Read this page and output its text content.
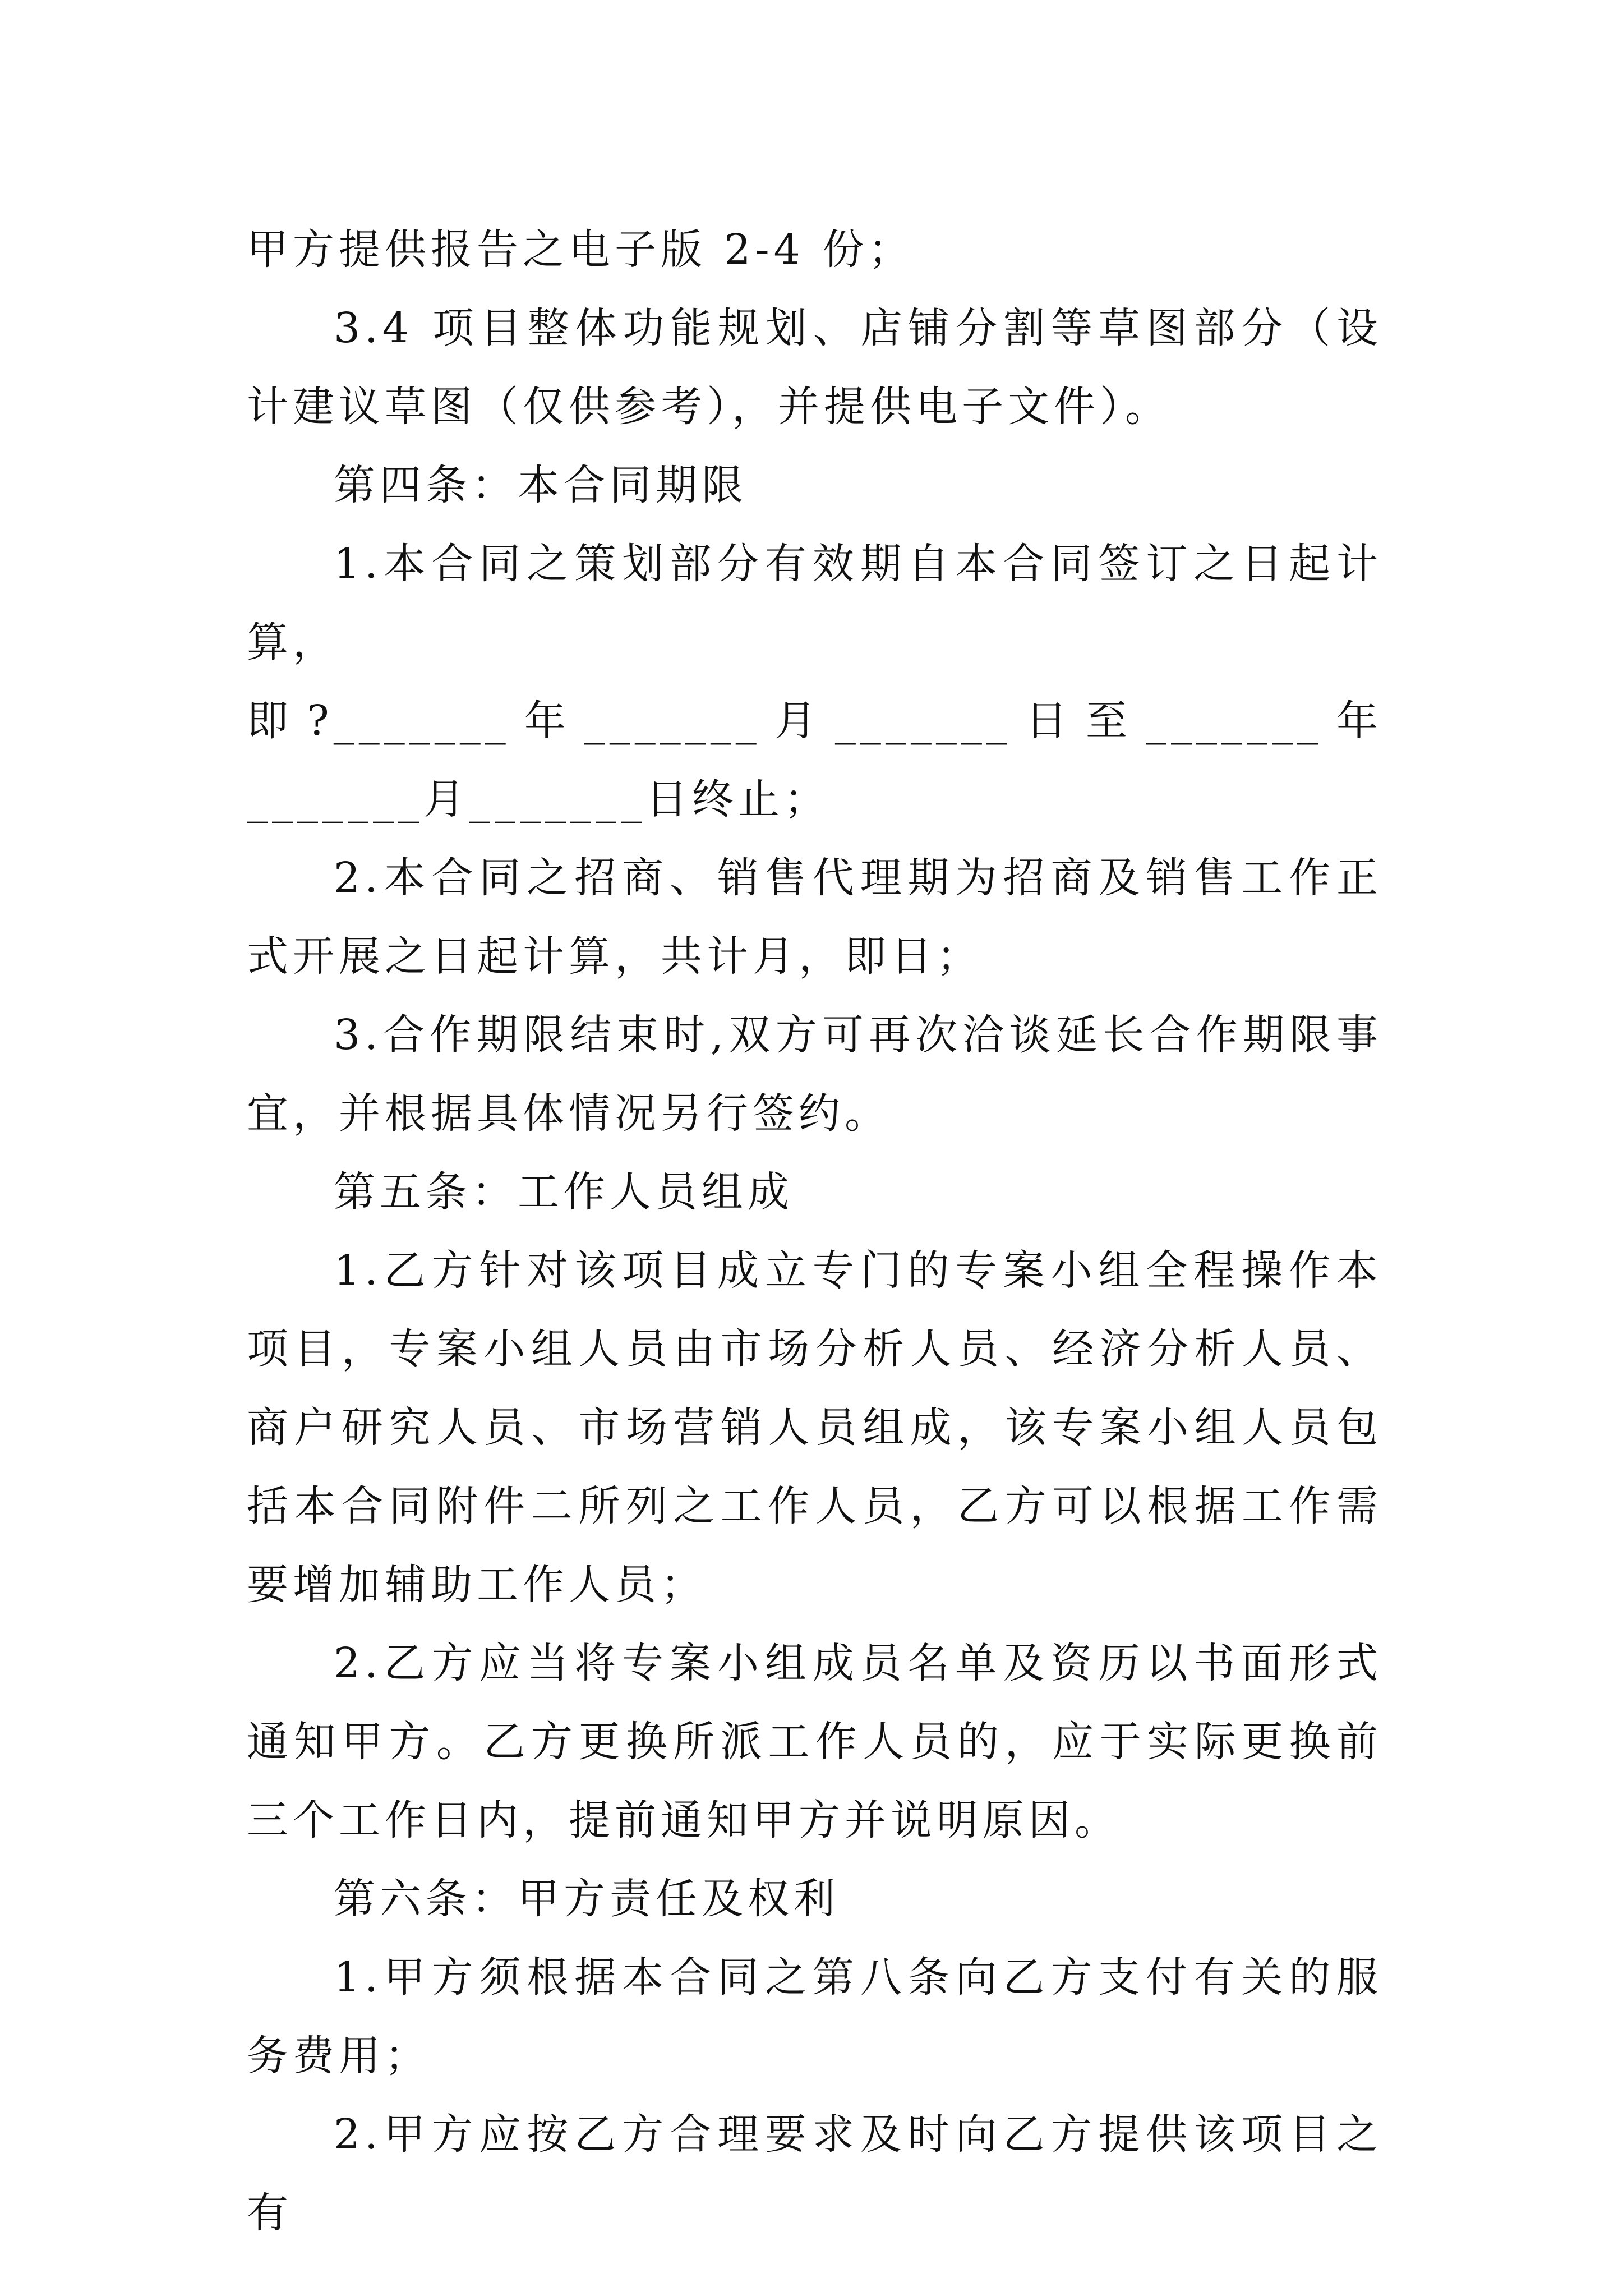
甲方提供报告之电子版 2-4 份；

3.4 项目整体功能规划、店铺分割等草图部分（设计建议草图（仅供参考），并提供电子文件）。

第四条：本合同期限

1.本合同之策划部分有效期自本合同签订之日起计算，

即?_______年_______月_______日至_______年_______月_______日终止；

2.本合同之招商、销售代理期为招商及销售工作正式开展之日起计算，共计月，即日；

3.合作期限结束时,双方可再次洽谈延长合作期限事宜，并根据具体情况另行签约。

第五条：工作人员组成

1.乙方针对该项目成立专门的专案小组全程操作本项目，专案小组人员由市场分析人员、经济分析人员、商户研究人员、市场营销人员组成，该专案小组人员包括本合同附件二所列之工作人员，乙方可以根据工作需要增加辅助工作人员；

2.乙方应当将专案小组成员名单及资历以书面形式通知甲方。乙方更换所派工作人员的，应于实际更换前三个工作日内，提前通知甲方并说明原因。

第六条：甲方责任及权利

1.甲方须根据本合同之第八条向乙方支付有关的服务费用；

2.甲方应按乙方合理要求及时向乙方提供该项目之有
